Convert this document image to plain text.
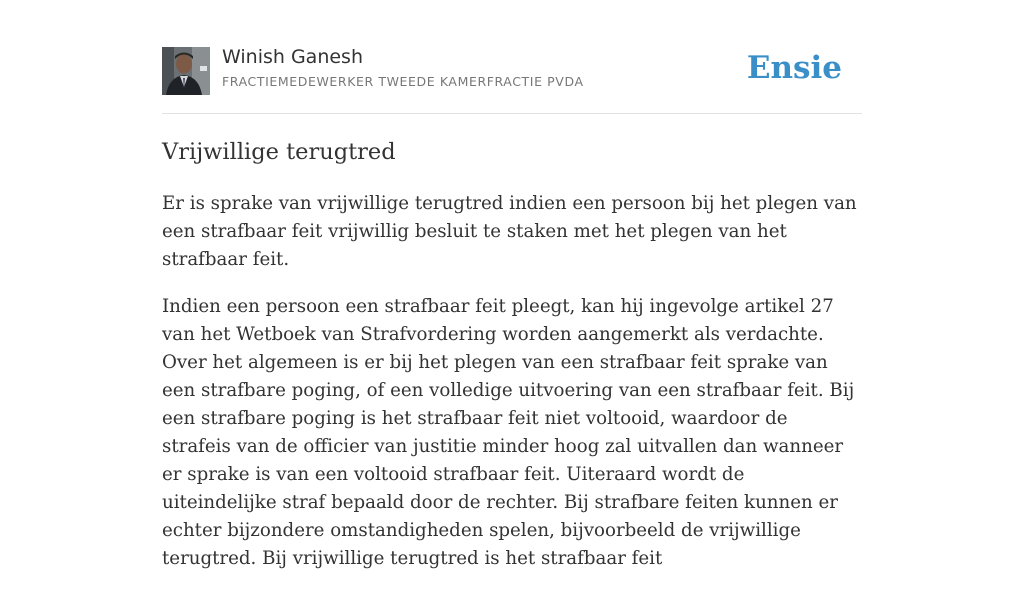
Winish Ganesh
FRACTIEMEDEWERKER TWEEDE KAMERFRACTIE PVDA	Ensie
Vrijwillige terugtred

Er is sprake van vrijwillige terugtred indien een persoon bij het plegen van een strafbaar feit vrijwillig besluit te staken met het plegen van het strafbaar feit.

Indien een persoon een strafbaar feit pleegt, kan hij ingevolge artikel 27 van het Wetboek van Strafvordering worden aangemerkt als verdachte. Over het algemeen is er bij het plegen van een strafbaar feit sprake van een strafbare poging, of een volledige uitvoering van een strafbaar feit. Bij een strafbare poging is het strafbaar feit niet voltooid, waardoor de strafeis van de officier van justitie minder hoog zal uitvallen dan wanneer er sprake is van een voltooid strafbaar feit. Uiteraard wordt de uiteindelijke straf bepaald door de rechter. Bij strafbare feiten kunnen er echter bijzondere omstandigheden spelen, bijvoorbeeld de vrijwillige terugtred. Bij vrijwillige terugtred is het strafbaar feit
